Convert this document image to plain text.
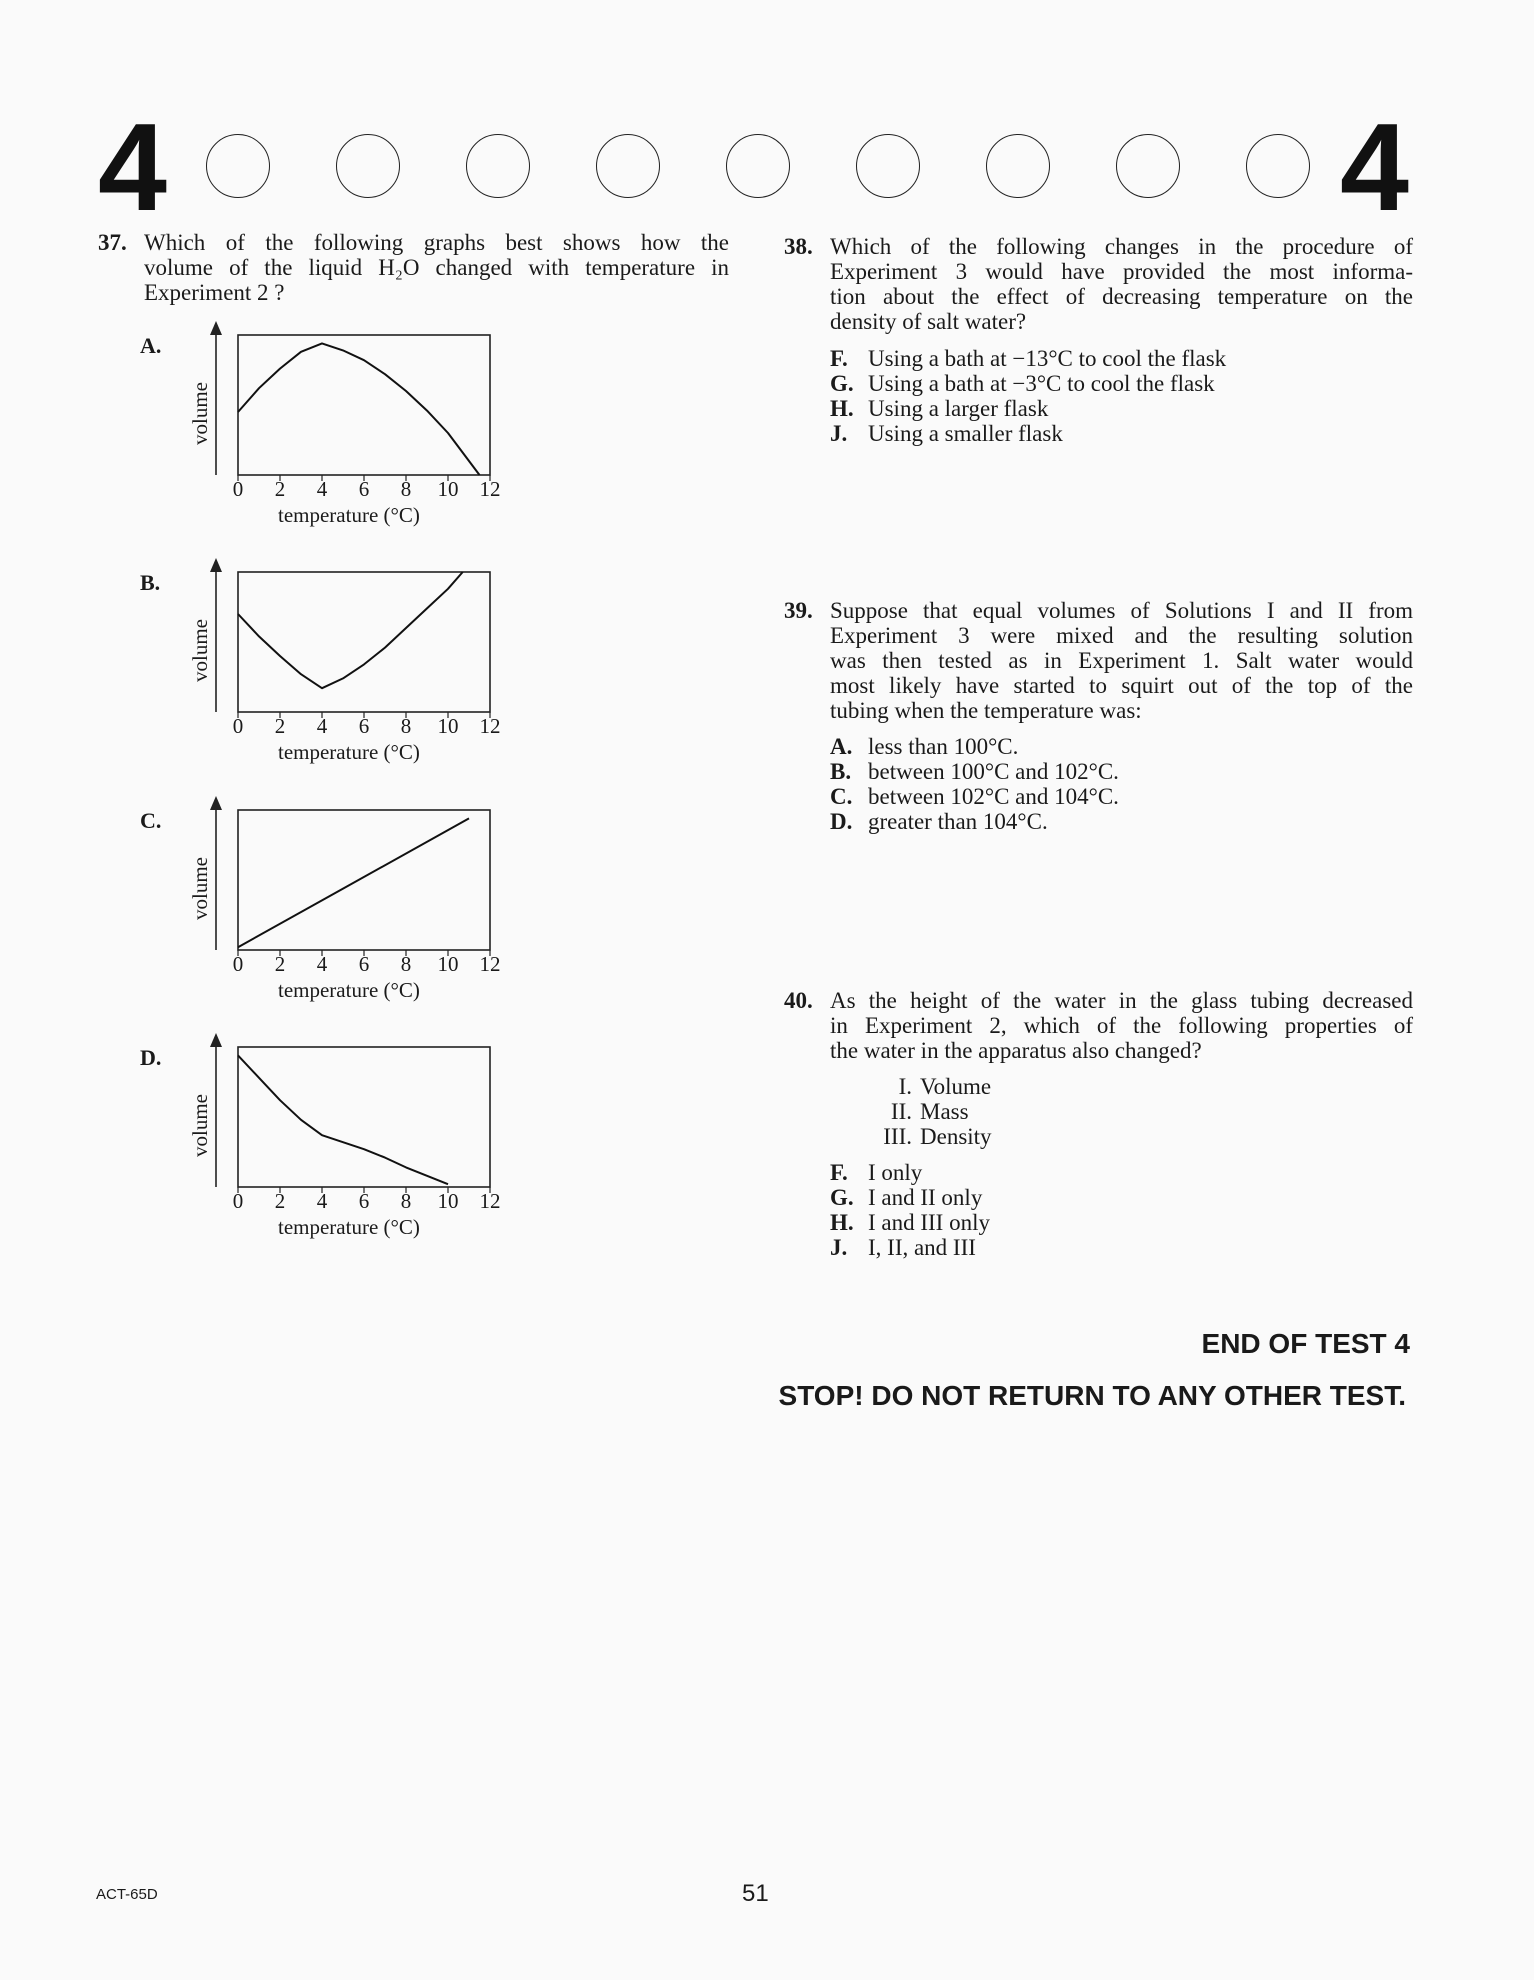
4	4
37. Which of the following graphs best shows how the
volume of the liquid H₂O changed with temperature in
Experiment 2 ?
A.
volume
0 2 4 6 8 10 12
temperature (°C)
B.
volume
0 2 4 6 8 10 12
temperature (°C)
C.
volume
0 2 4 6 8 10 12
temperature (°C)
D.
volume
0 2 4 6 8 10 12
temperature (°C)
38. Which of the following changes in the procedure of
Experiment 3 would have provided the most informa-
tion about the effect of decreasing temperature on the
density of salt water?
F. Using a bath at −13°C to cool the flask
G. Using a bath at −3°C to cool the flask
H. Using a larger flask
J. Using a smaller flask
39. Suppose that equal volumes of Solutions I and II from
Experiment 3 were mixed and the resulting solution
was then tested as in Experiment 1. Salt water would
most likely have started to squirt out of the top of the
tubing when the temperature was:
A. less than 100°C.
B. between 100°C and 102°C.
C. between 102°C and 104°C.
D. greater than 104°C.
40. As the height of the water in the glass tubing decreased
in Experiment 2, which of the following properties of
the water in the apparatus also changed?
I. Volume
II. Mass
III. Density
F. I only
G. I and II only
H. I and III only
J. I, II, and III
END OF TEST 4
STOP! DO NOT RETURN TO ANY OTHER TEST.
ACT-65D	51
